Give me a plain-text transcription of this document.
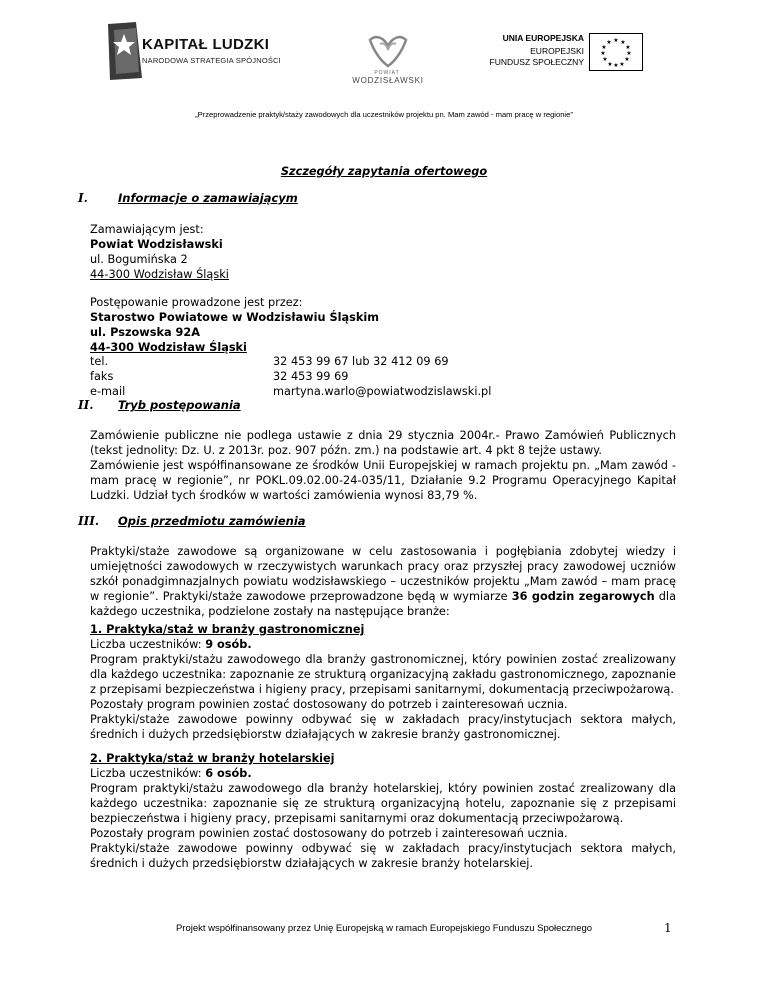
KAPITAŁ LUDZKI
NARODOWA STRATEGIA SPÓJNOŚCI
POWIAT
WODZISŁAWSKI
UNIA EUROPEJSKA
EUROPEJSKI
FUNDUSZ SPOŁECZNY
★ ★
★
★
★
★
★
★
★
★
★
★
„Przeprowadzenie praktyk/staży zawodowych dla uczestników projektu pn. Mam zawód - mam pracę w regionie”
Szczegóły zapytania ofertowego
I.	Informacje o zamawiającym
Zamawiającym jest:
Powiat Wodzisławski
ul. Bogumińska 2
44-300 Wodzisław Śląski
Postępowanie prowadzone jest przez:
Starostwo Powiatowe w Wodzisławiu Śląskim
ul. Pszowska 92A
44-300 Wodzisław Śląski
tel.	32 453 99 67 lub 32 412 09 69
faks	32 453 99 69
e-mail	martyna.warlo@powiatwodzislawski.pl
II. Tryb postępowania
Zamówienie publiczne nie podlega ustawie z dnia 29 stycznia 2004r.- Prawo Zamówień Publicznych (tekst jednolity: Dz. U. z 2013r. poz. 907 późn. zm.) na podstawie art. 4 pkt 8 tejże ustawy.
Zamówienie jest współfinansowane ze środków Unii Europejskiej w ramach projektu pn. „Mam zawód - mam pracę w regionie”, nr POKL.09.02.00-24-035/11, Działanie 9.2 Programu Operacyjnego Kapitał Ludzki. Udział tych środków w wartości zamówienia wynosi 83,79 %.
III. Opis przedmiotu zamówienia
Praktyki/staże zawodowe są organizowane w celu zastosowania i pogłębiania zdobytej wiedzy i umiejętności zawodowych w rzeczywistych warunkach pracy oraz przyszłej pracy zawodowej uczniów szkół ponadgimnazjalnych powiatu wodzisławskiego – uczestników projektu „Mam zawód – mam pracę w regionie”. Praktyki/staże zawodowe przeprowadzone będą w wymiarze 36 godzin zegarowych dla każdego uczestnika, podzielone zostały na następujące branże:
1. Praktyka/staż w branży gastronomicznej
Liczba uczestników: 9 osób.
Program praktyki/stażu zawodowego dla branży gastronomicznej, który powinien zostać zrealizowany dla każdego uczestnika: zapoznanie ze strukturą organizacyjną zakładu gastronomicznego, zapoznanie z przepisami bezpieczeństwa i higieny pracy, przepisami sanitarnymi, dokumentacją przeciwpożarową.
Pozostały program powinien zostać dostosowany do potrzeb i zainteresowań ucznia.
Praktyki/staże zawodowe powinny odbywać się w zakładach pracy/instytucjach sektora małych, średnich i dużych przedsiębiorstw działających w zakresie branży gastronomicznej.
2. Praktyka/staż w branży hotelarskiej
Liczba uczestników: 6 osób.
Program praktyki/stażu zawodowego dla branży hotelarskiej, który powinien zostać zrealizowany dla każdego uczestnika: zapoznanie się ze strukturą organizacyjną hotelu, zapoznanie się z przepisami bezpieczeństwa i higieny pracy, przepisami sanitarnymi oraz dokumentacją przeciwpożarową.
Pozostały program powinien zostać dostosowany do potrzeb i zainteresowań ucznia.
Praktyki/staże zawodowe powinny odbywać się w zakładach pracy/instytucjach sektora małych, średnich i dużych przedsiębiorstw działających w zakresie branży hotelarskiej.
Projekt współfinansowany przez Unię Europejską w ramach Europejskiego Funduszu Społecznego	1
